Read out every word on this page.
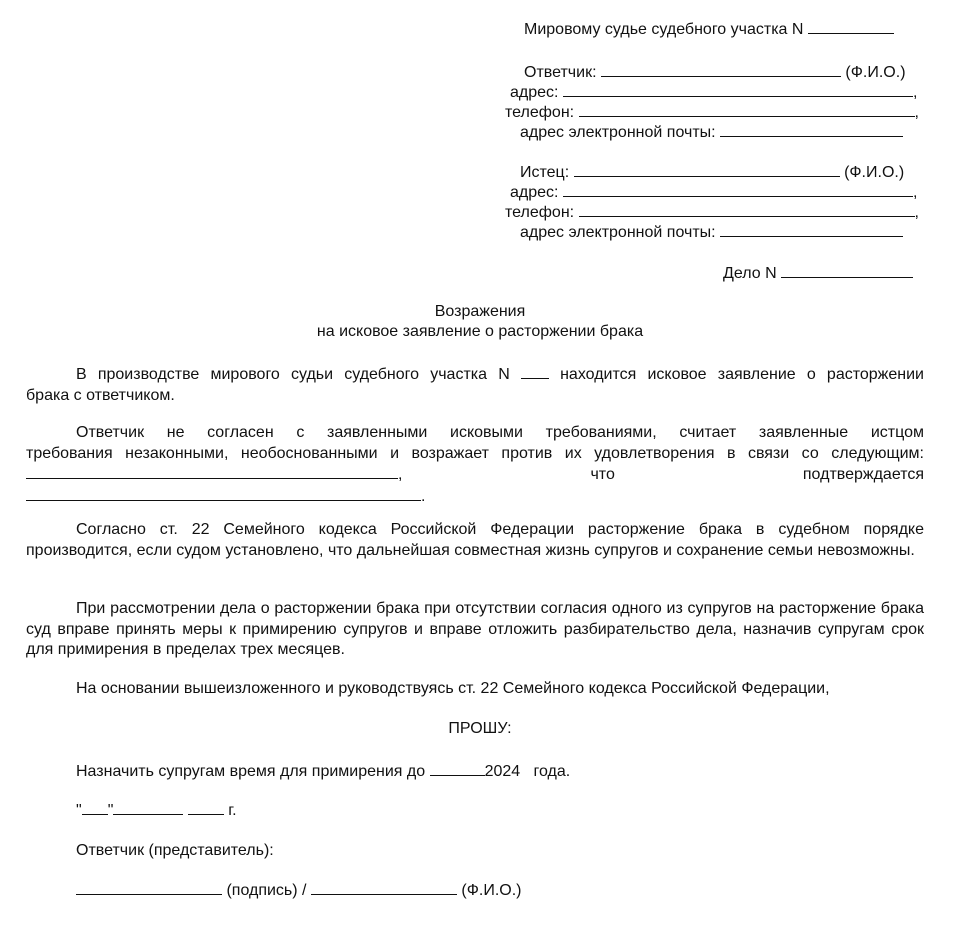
Мировому судье судебного участка N
Ответчик:	(Ф.И.О.)
адрес:	,
телефон:	,
адрес электронной почты:
Истец:	(Ф.И.О.)
адрес:	,
телефон:	,
адрес электронной почты:
Дело N
Возражения
на исковое заявление о расторжении брака
В производстве мирового судьи судебного участка N	находится исковое заявление о расторжении
брака с ответчиком.
Ответчик не согласен с заявленными исковыми требованиями, считает заявленные истцом
требования незаконными, необоснованными и возражает против их удовлетворения в связи со следующим:
, что	подтверждается
.
Согласно ст. 22 Семейного кодекса Российской Федерации расторжение брака в судебном порядке производится, если судом установлено, что дальнейшая совместная жизнь супругов и сохранение семьи невозможны.
При рассмотрении дела о расторжении брака при отсутствии согласия одного из супругов на расторжение брака суд вправе принять меры к примирению супругов и вправе отложить разбирательство дела, назначив супругам срок для примирения в пределах трех месяцев.
На основании вышеизложенного и руководствуясь ст. 22 Семейного кодекса Российской Федерации,
ПРОШУ:
Назначить супругам время для примирения до	2024 года.
" "	г.
Ответчик (представитель):
(подпись) /	(Ф.И.О.)
